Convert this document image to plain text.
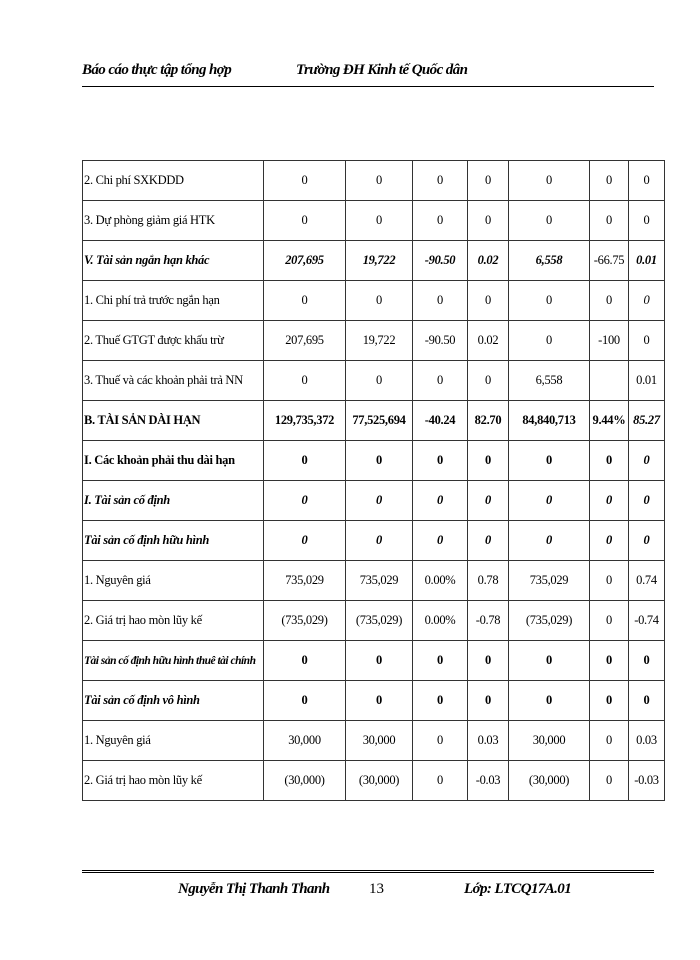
Báo cáo thực tập tổng hợp	Trường ĐH Kinh tế Quốc dân
2. Chi phí SXKDDD	0	0	0	0	0	0	0
3. Dự phòng giảm giá HTK	0	0	0	0	0	0	0
V. Tài sản ngắn hạn khác	207,695	19,722	-90.50	0.02	6,558	-66.75	0.01
1. Chi phí trả trước ngắn hạn	0	0	0	0	0	0	0
2. Thuế GTGT được khấu trừ	207,695	19,722	-90.50	0.02	0	-100	0
3. Thuế và các khoản phải trả NN	0	0	0	0	6,558		0.01
B. TÀI SẢN DÀI HẠN	129,735,372	77,525,694	-40.24	82.70	84,840,713	9.44%	85.27
I. Các khoản phải thu dài hạn	0	0	0	0	0	0	0
I. Tài sản cố định	0	0	0	0	0	0	0
Tài sản cố định hữu hình	0	0	0	0	0	0	0
1. Nguyên giá	735,029	735,029	0.00%	0.78	735,029	0	0.74
2. Giá trị hao mòn lũy kế	(735,029)	(735,029)	0.00%	-0.78	(735,029)	0	-0.74
Tài sản cố định hữu hình thuê tài chính	0	0	0	0	0	0	0
Tài sản cố định vô hình	0	0	0	0	0	0	0
1. Nguyên giá	30,000	30,000	0	0.03	30,000	0	0.03
2. Giá trị hao mòn lũy kế	(30,000)	(30,000)	0	-0.03	(30,000)	0	-0.03
Nguyễn Thị Thanh Thanh	13	Lớp: LTCQ17A.01
